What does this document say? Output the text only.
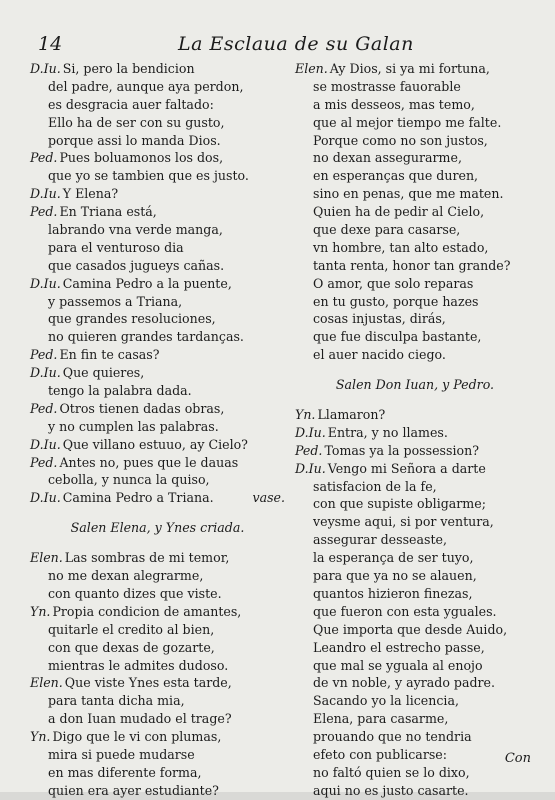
14	La Esclaua de su Galan
D.Iu. Si, pero la bendicion
del padre, aunque aya perdon,
es desgracia auer faltado:
Ello ha de ser con su gusto,
porque assi lo manda Dios.
Ped. Pues boluamonos los dos,
que yo se tambien que es justo.
D.Iu. Y Elena?
Ped. En Triana está,
labrando vna verde manga,
para el venturoso dia
que casados jugueys cañas.
D.Iu. Camina Pedro a la puente,
y passemos a Triana,
que grandes resoluciones,
no quieren grandes tardanças.
Ped. En fin te casas?
D.Iu. Que quieres,
tengo la palabra dada.
Ped. Otros tienen dadas obras,
y no cumplen las palabras.
D.Iu. Que villano estuuo, ay Cielo?
Ped. Antes no, pues que le dauas
cebolla, y nunca la quiso,
D.Iu. Camina Pedro a Triana.	vase.
Salen Elena, y Ynes criada.
Elen. Las sombras de mi temor,
no me dexan alegrarme,
con quanto dizes que viste.
Yn. Propia condicion de amantes,
quitarle el credito al bien,
con que dexas de gozarte,
mientras le admites dudoso.
Elen. Que viste Ynes esta tarde,
para tanta dicha mia,
a don Iuan mudado el trage?
Yn. Digo que le vi con plumas,
mira si puede mudarse
en mas diferente forma,
quien era ayer estudiante?
Elen. Ay Dios, si ya mi fortuna,
se mostrasse fauorable
a mis desseos, mas temo,
que al mejor tiempo me falte.
Porque como no son justos,
no dexan assegurarme,
en esperanças que duren,
sino en penas, que me maten.
Quien ha de pedir al Cielo,
que dexe para casarse,
vn hombre, tan alto estado,
tanta renta, honor tan grande?
O amor, que solo reparas
en tu gusto, porque hazes
cosas injustas, dirás,
que fue disculpa bastante,
el auer nacido ciego.
Salen Don Iuan, y Pedro.
Yn. Llamaron?
D.Iu. Entra, y no llames.
Ped. Tomas ya la possession?
D.Iu. Vengo mi Señora a darte
satisfacion de la fe,
con que supiste obligarme;
veysme aqui, si por ventura,
assegurar desseaste,
la esperança de ser tuyo,
para que ya no se alauen,
quantos hizieron finezas,
que fueron con esta yguales.
Que importa que desde Auido,
Leandro el estrecho passe,
que mal se yguala al enojo
de vn noble, y ayrado padre.
Sacando yo la licencia,
Elena, para casarme,
prouando que no tendria
efeto con publicarse:
no faltó quien se lo dixo,
aqui no es justo casarte.
Con
